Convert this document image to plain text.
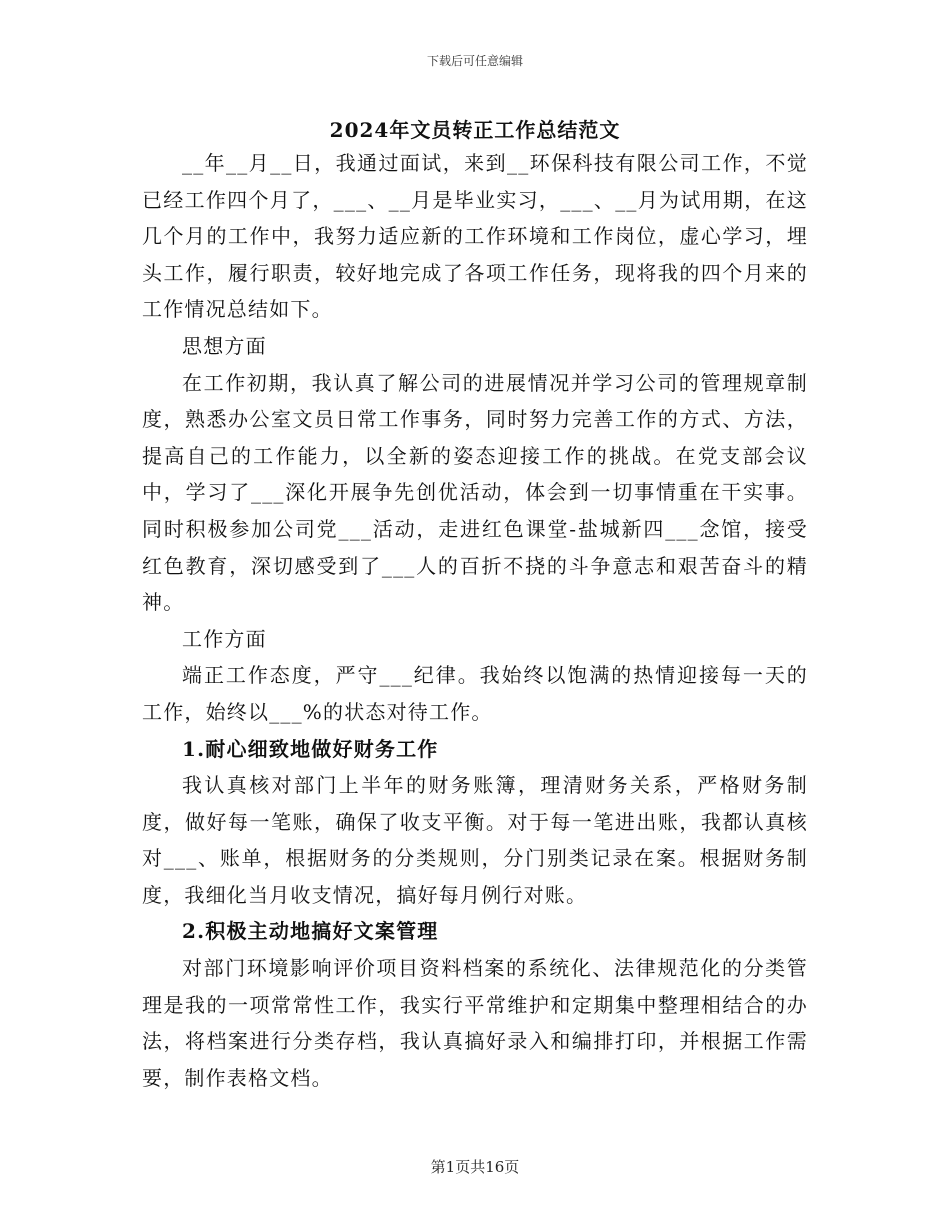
下载后可任意编辑
2024年文员转正工作总结范文

__年__月__日，我通过面试，来到__环保科技有限公司工作，不觉已经工作四个月了，___、__月是毕业实习，___、__月为试用期，在这几个月的工作中，我努力适应新的工作环境和工作岗位，虚心学习，埋头工作，履行职责，较好地完成了各项工作任务，现将我的四个月来的工作情况总结如下。

思想方面

在工作初期，我认真了解公司的进展情况并学习公司的管理规章制度，熟悉办公室文员日常工作事务，同时努力完善工作的方式、方法，提高自己的工作能力，以全新的姿态迎接工作的挑战。在党支部会议中，学习了___深化开展争先创优活动，体会到一切事情重在干实事。同时积极参加公司党___活动，走进红色课堂-盐城新四___念馆，接受红色教育，深切感受到了___人的百折不挠的斗争意志和艰苦奋斗的精神。

工作方面

端正工作态度，严守___纪律。我始终以饱满的热情迎接每一天的工作，始终以___%的状态对待工作。

1.耐心细致地做好财务工作

我认真核对部门上半年的财务账簿，理清财务关系，严格财务制度，做好每一笔账，确保了收支平衡。对于每一笔进出账，我都认真核对___、账单，根据财务的分类规则，分门别类记录在案。根据财务制度，我细化当月收支情况，搞好每月例行对账。

2.积极主动地搞好文案管理

对部门环境影响评价项目资料档案的系统化、法律规范化的分类管理是我的一项常常性工作，我实行平常维护和定期集中整理相结合的办法，将档案进行分类存档，我认真搞好录入和编排打印，并根据工作需要，制作表格文档。

第1页共16页
